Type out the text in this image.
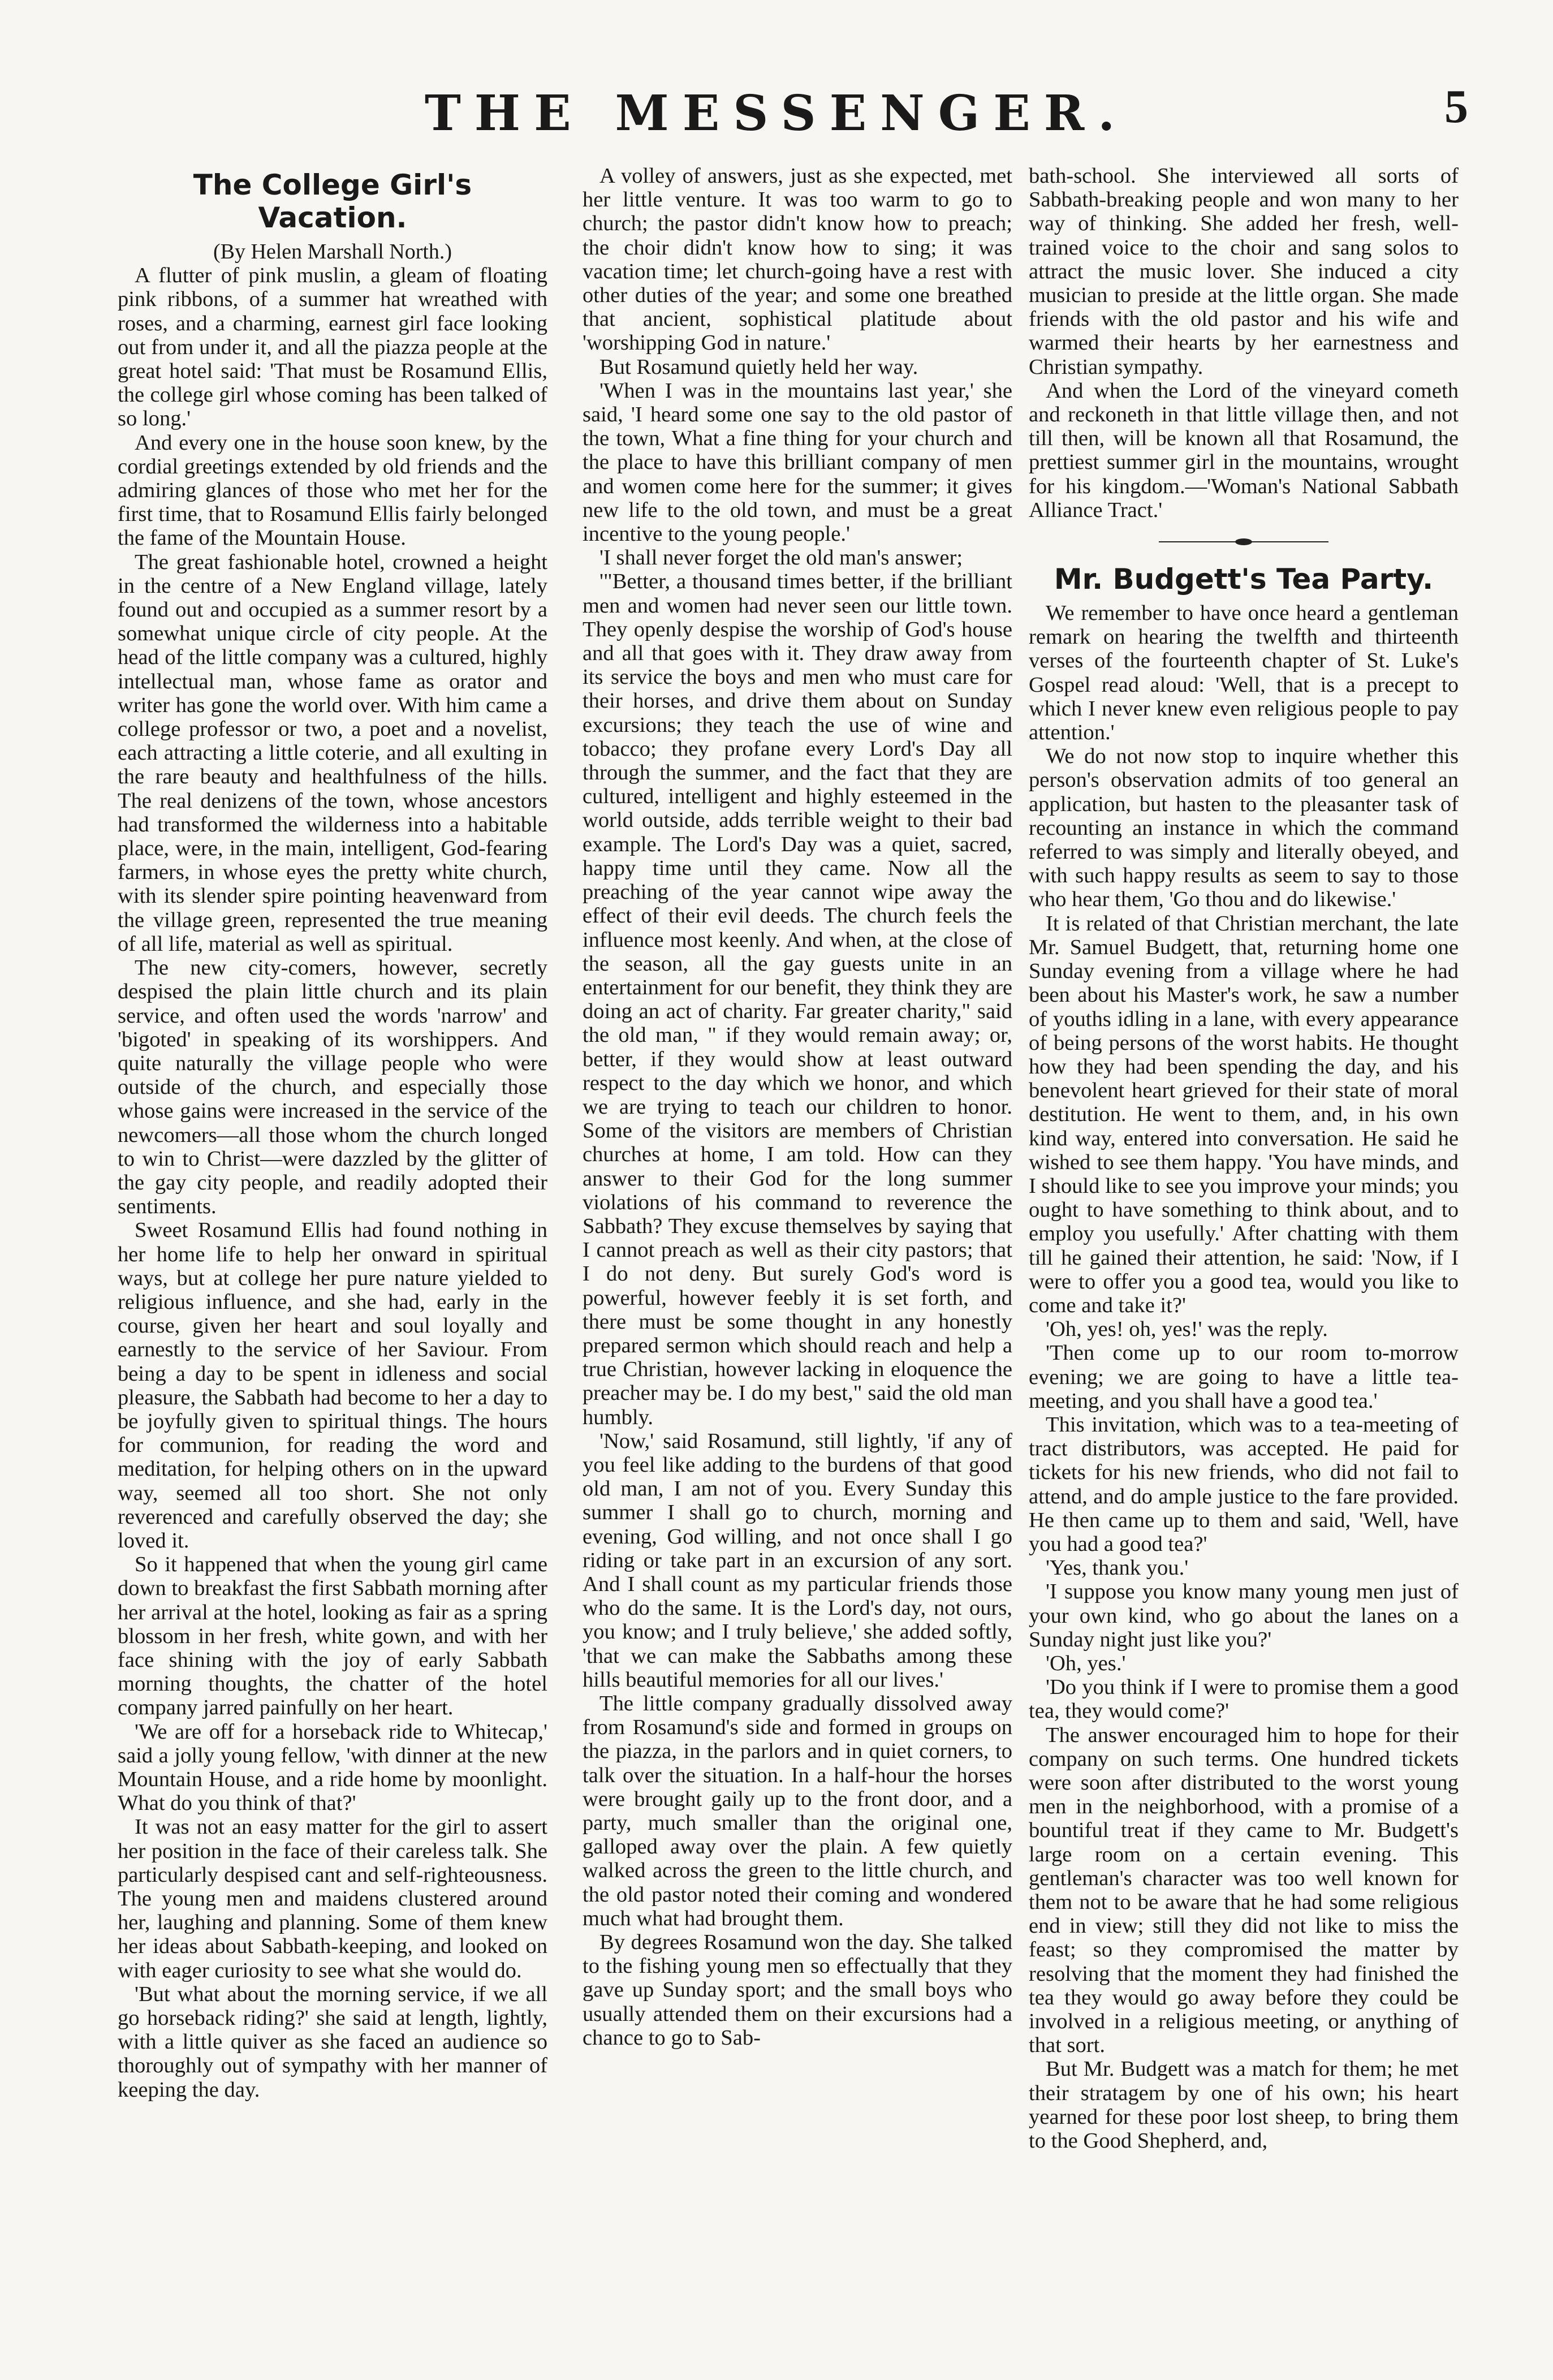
THE MESSENGER.	5
The College Girl's Vacation.

(By Helen Marshall North.)

A flutter of pink muslin, a gleam of floating pink ribbons, of a summer hat wreathed with roses, and a charming, earnest girl face looking out from under it, and all the piazza people at the great hotel said: 'That must be Rosamund Ellis, the college girl whose coming has been talked of so long.'

And every one in the house soon knew, by the cordial greetings extended by old friends and the admiring glances of those who met her for the first time, that to Rosamund Ellis fairly belonged the fame of the Mountain House.

The great fashionable hotel, crowned a height in the centre of a New England village, lately found out and occupied as a summer resort by a somewhat unique circle of city people. At the head of the little company was a cultured, highly intellectual man, whose fame as orator and writer has gone the world over. With him came a college professor or two, a poet and a novelist, each attracting a little coterie, and all exulting in the rare beauty and healthfulness of the hills. The real denizens of the town, whose ancestors had transformed the wilderness into a habitable place, were, in the main, intelligent, God-fearing farmers, in whose eyes the pretty white church, with its slender spire pointing heavenward from the village green, represented the true meaning of all life, material as well as spiritual.

The new city-comers, however, secretly despised the plain little church and its plain service, and often used the words 'narrow' and 'bigoted' in speaking of its worshippers. And quite naturally the village people who were outside of the church, and especially those whose gains were increased in the service of the newcomers—all those whom the church longed to win to Christ—were dazzled by the glitter of the gay city people, and readily adopted their sentiments.

Sweet Rosamund Ellis had found nothing in her home life to help her onward in spiritual ways, but at college her pure nature yielded to religious influence, and she had, early in the course, given her heart and soul loyally and earnestly to the service of her Saviour. From being a day to be spent in idleness and social pleasure, the Sabbath had become to her a day to be joyfully given to spiritual things. The hours for communion, for reading the word and meditation, for helping others on in the upward way, seemed all too short. She not only reverenced and carefully observed the day; she loved it.

So it happened that when the young girl came down to breakfast the first Sabbath morning after her arrival at the hotel, looking as fair as a spring blossom in her fresh, white gown, and with her face shining with the joy of early Sabbath morning thoughts, the chatter of the hotel company jarred painfully on her heart.

'We are off for a horseback ride to Whitecap,' said a jolly young fellow, 'with dinner at the new Mountain House, and a ride home by moonlight. What do you think of that?'

It was not an easy matter for the girl to assert her position in the face of their careless talk. She particularly despised cant and self-righteousness. The young men and maidens clustered around her, laughing and planning. Some of them knew her ideas about Sabbath-keeping, and looked on with eager curiosity to see what she would do.

'But what about the morning service, if we all go horseback riding?' she said at length, lightly, with a little quiver as she faced an audience so thoroughly out of sympathy with her manner of keeping the day.

A volley of answers, just as she expected, met her little venture. It was too warm to go to church; the pastor didn't know how to preach; the choir didn't know how to sing; it was vacation time; let church-going have a rest with other duties of the year; and some one breathed that ancient, sophistical platitude about 'worshipping God in nature.'

But Rosamund quietly held her way.

'When I was in the mountains last year,' she said, 'I heard some one say to the old pastor of the town, What a fine thing for your church and the place to have this brilliant company of men and women come here for the summer; it gives new life to the old town, and must be a great incentive to the young people.'

'I shall never forget the old man's answer;

'"Better, a thousand times better, if the brilliant men and women had never seen our little town. They openly despise the worship of God's house and all that goes with it. They draw away from its service the boys and men who must care for their horses, and drive them about on Sunday excursions; they teach the use of wine and tobacco; they profane every Lord's Day all through the summer, and the fact that they are cultured, intelligent and highly esteemed in the world outside, adds terrible weight to their bad example. The Lord's Day was a quiet, sacred, happy time until they came. Now all the preaching of the year cannot wipe away the effect of their evil deeds. The church feels the influence most keenly. And when, at the close of the season, all the gay guests unite in an entertainment for our benefit, they think they are doing an act of charity. Far greater charity," said the old man, " if they would remain away; or, better, if they would show at least outward respect to the day which we honor, and which we are trying to teach our children to honor. Some of the visitors are members of Christian churches at home, I am told. How can they answer to their God for the long summer violations of his command to reverence the Sabbath? They excuse themselves by saying that I cannot preach as well as their city pastors; that I do not deny. But surely God's word is powerful, however feebly it is set forth, and there must be some thought in any honestly prepared sermon which should reach and help a true Christian, however lacking in eloquence the preacher may be. I do my best," said the old man humbly.

'Now,' said Rosamund, still lightly, 'if any of you feel like adding to the burdens of that good old man, I am not of you. Every Sunday this summer I shall go to church, morning and evening, God willing, and not once shall I go riding or take part in an excursion of any sort. And I shall count as my particular friends those who do the same. It is the Lord's day, not ours, you know; and I truly believe,' she added softly, 'that we can make the Sabbaths among these hills beautiful memories for all our lives.'

The little company gradually dissolved away from Rosamund's side and formed in groups on the piazza, in the parlors and in quiet corners, to talk over the situation. In a half-hour the horses were brought gaily up to the front door, and a party, much smaller than the original one, galloped away over the plain. A few quietly walked across the green to the little church, and the old pastor noted their coming and wondered much what had brought them.

By degrees Rosamund won the day. She talked to the fishing young men so effectually that they gave up Sunday sport; and the small boys who usually attended them on their excursions had a chance to go to Sab-

bath-school. She interviewed all sorts of Sabbath-breaking people and won many to her way of thinking. She added her fresh, well-trained voice to the choir and sang solos to attract the music lover. She induced a city musician to preside at the little organ. She made friends with the old pastor and his wife and warmed their hearts by her earnestness and Christian sympathy.

And when the Lord of the vineyard cometh and reckoneth in that little village then, and not till then, will be known all that Rosamund, the prettiest summer girl in the mountains, wrought for his kingdom.—'Woman's National Sabbath Alliance Tract.'

Mr. Budgett's Tea Party.

We remember to have once heard a gentleman remark on hearing the twelfth and thirteenth verses of the fourteenth chapter of St. Luke's Gospel read aloud: 'Well, that is a precept to which I never knew even religious people to pay attention.'

We do not now stop to inquire whether this person's observation admits of too general an application, but hasten to the pleasanter task of recounting an instance in which the command referred to was simply and literally obeyed, and with such happy results as seem to say to those who hear them, 'Go thou and do likewise.'

It is related of that Christian merchant, the late Mr. Samuel Budgett, that, returning home one Sunday evening from a village where he had been about his Master's work, he saw a number of youths idling in a lane, with every appearance of being persons of the worst habits. He thought how they had been spending the day, and his benevolent heart grieved for their state of moral destitution. He went to them, and, in his own kind way, entered into conversation. He said he wished to see them happy. 'You have minds, and I should like to see you improve your minds; you ought to have something to think about, and to employ you usefully.' After chatting with them till he gained their attention, he said: 'Now, if I were to offer you a good tea, would you like to come and take it?'

'Oh, yes! oh, yes!' was the reply.

'Then come up to our room to-morrow evening; we are going to have a little tea-meeting, and you shall have a good tea.'

This invitation, which was to a tea-meeting of tract distributors, was accepted. He paid for tickets for his new friends, who did not fail to attend, and do ample justice to the fare provided. He then came up to them and said, 'Well, have you had a good tea?'

'Yes, thank you.'

'I suppose you know many young men just of your own kind, who go about the lanes on a Sunday night just like you?'

'Oh, yes.'

'Do you think if I were to promise them a good tea, they would come?'

The answer encouraged him to hope for their company on such terms. One hundred tickets were soon after distributed to the worst young men in the neighborhood, with a promise of a bountiful treat if they came to Mr. Budgett's large room on a certain evening. This gentleman's character was too well known for them not to be aware that he had some religious end in view; still they did not like to miss the feast; so they compromised the matter by resolving that the moment they had finished the tea they would go away before they could be involved in a religious meeting, or anything of that sort.

But Mr. Budgett was a match for them; he met their stratagem by one of his own; his heart yearned for these poor lost sheep, to bring them to the Good Shepherd, and,
